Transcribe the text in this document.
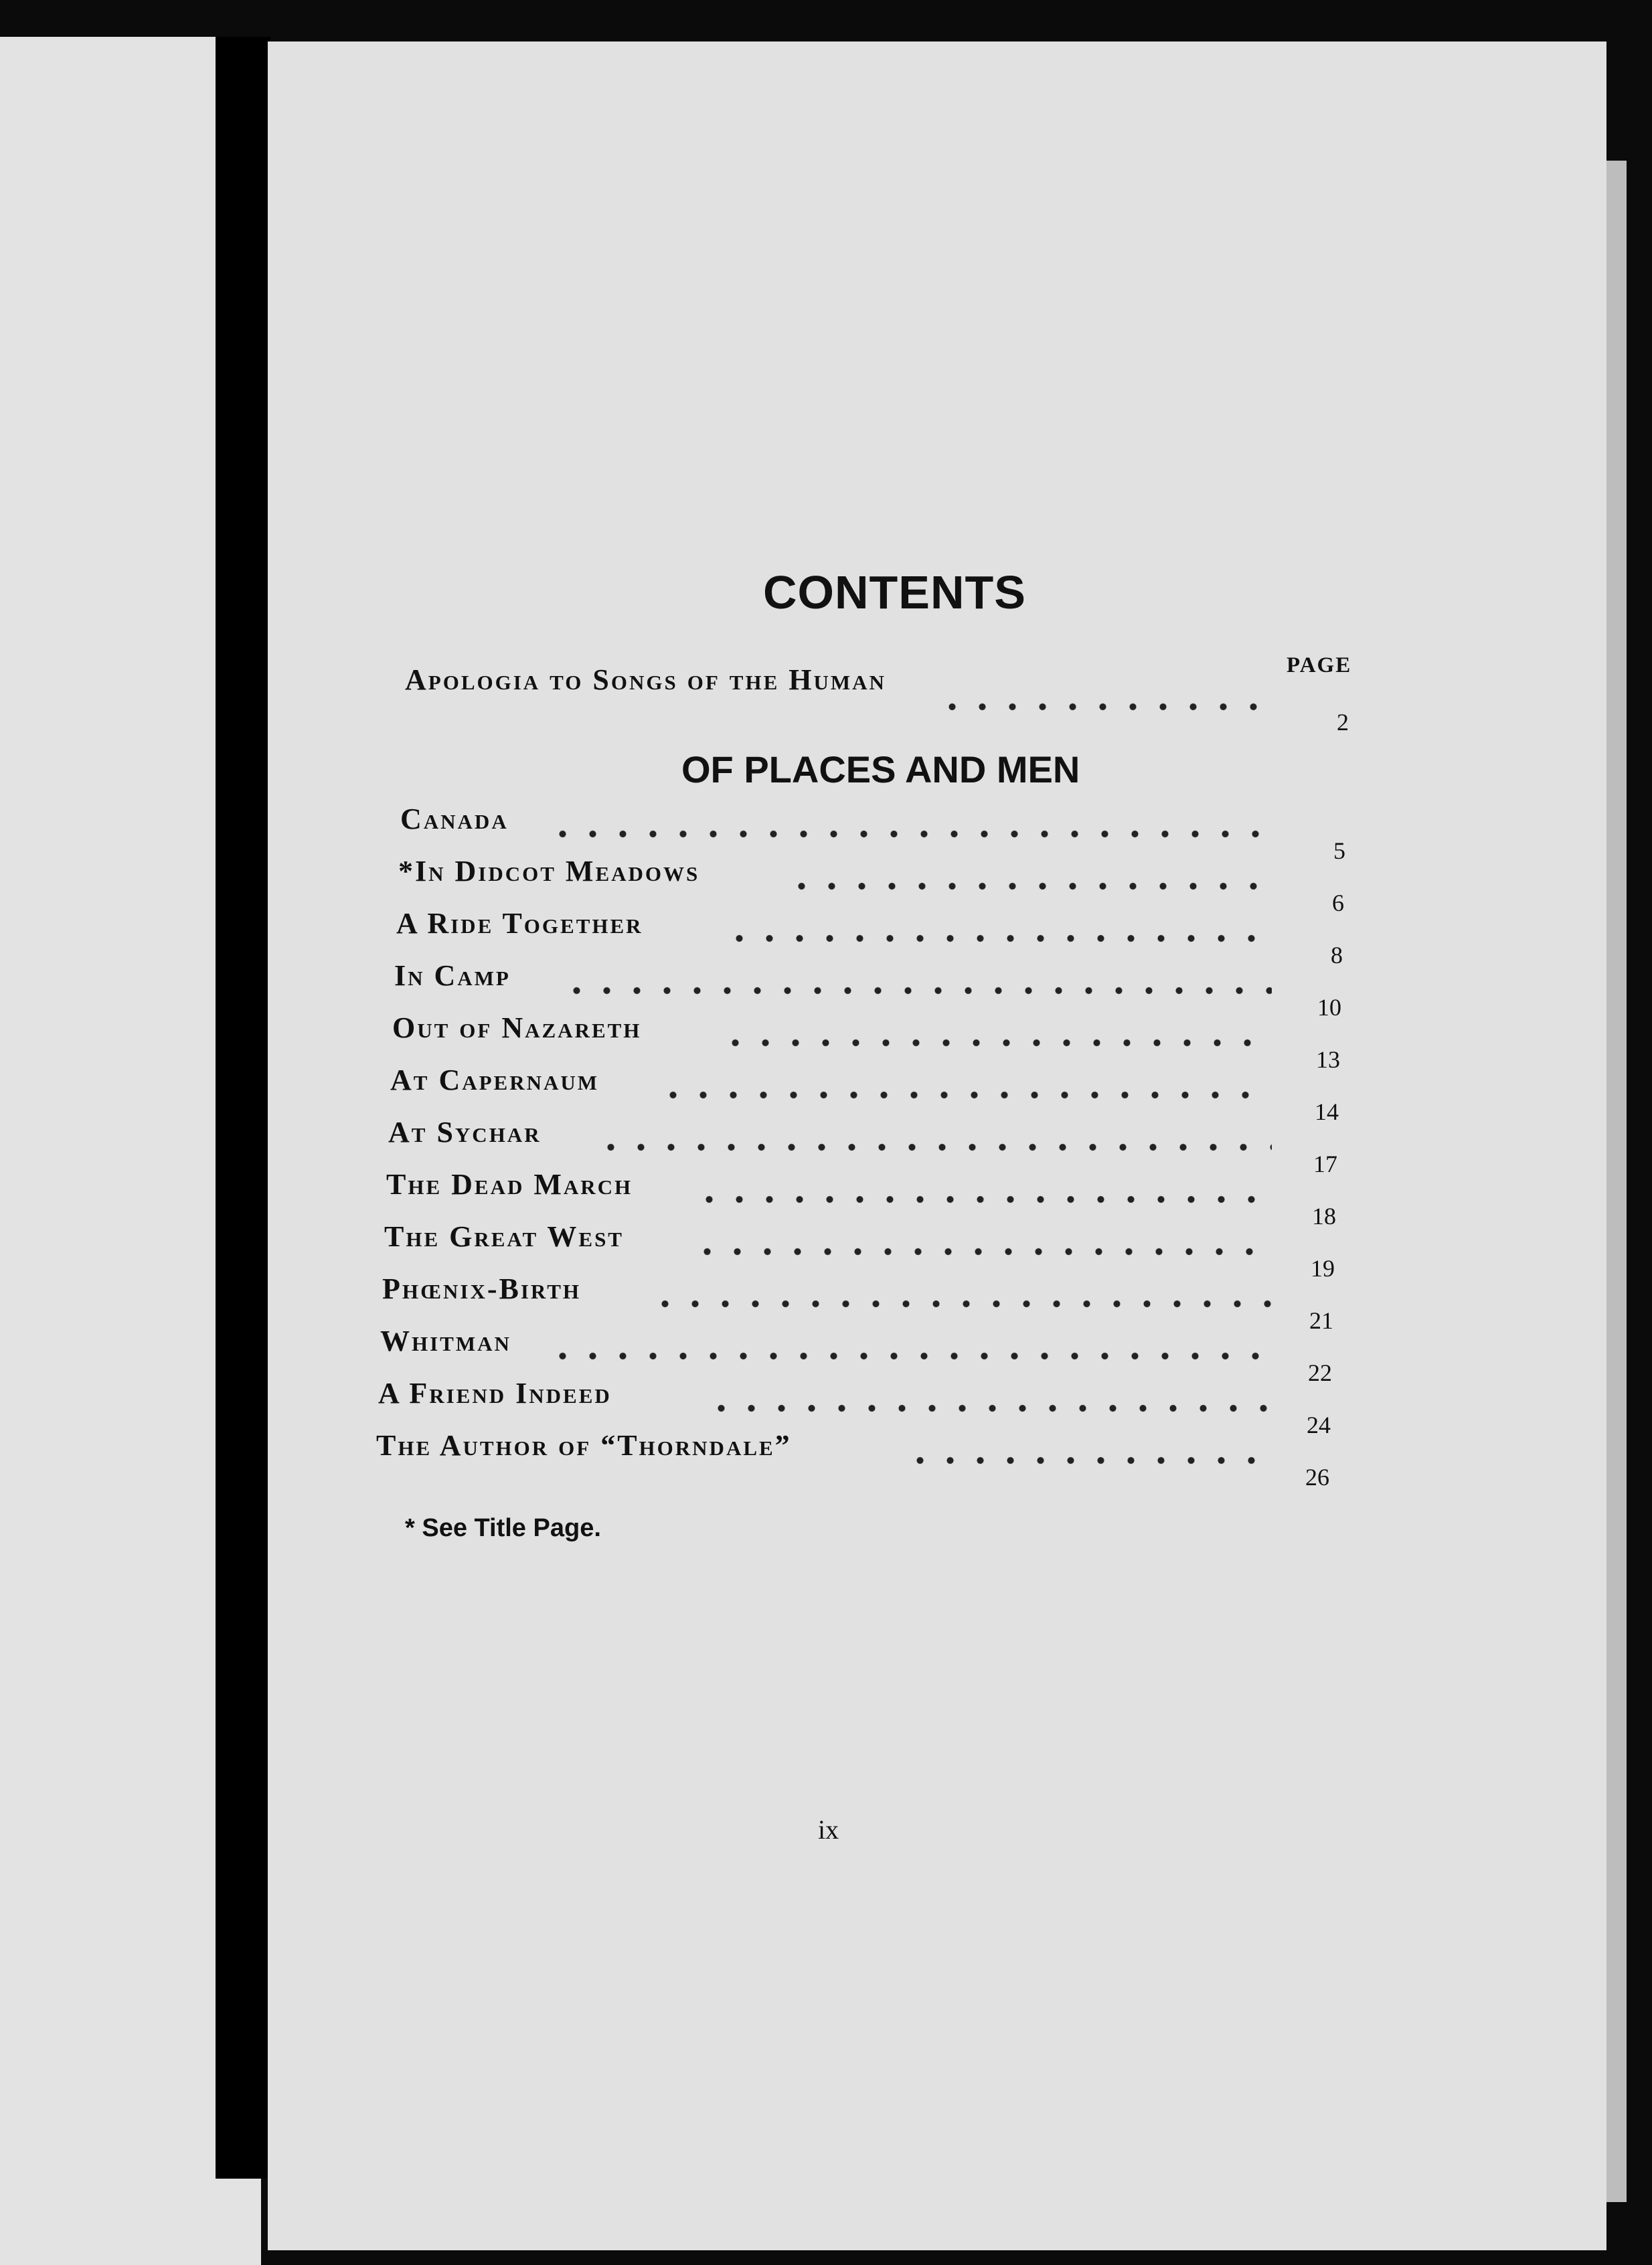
CONTENTS
PAGE
Apologia to Songs of the Human
2
OF PLACES AND MEN
Canada
5
*In Didcot Meadows
6
A Ride Together
8
In Camp
10
Out of Nazareth
13
At Capernaum
14
At Sychar
17
The Dead March
18
The Great West
19
Phœnix-Birth
21
Whitman
22
A Friend Indeed
24
The Author of “Thorndale”
26
* See Title Page.
ix
